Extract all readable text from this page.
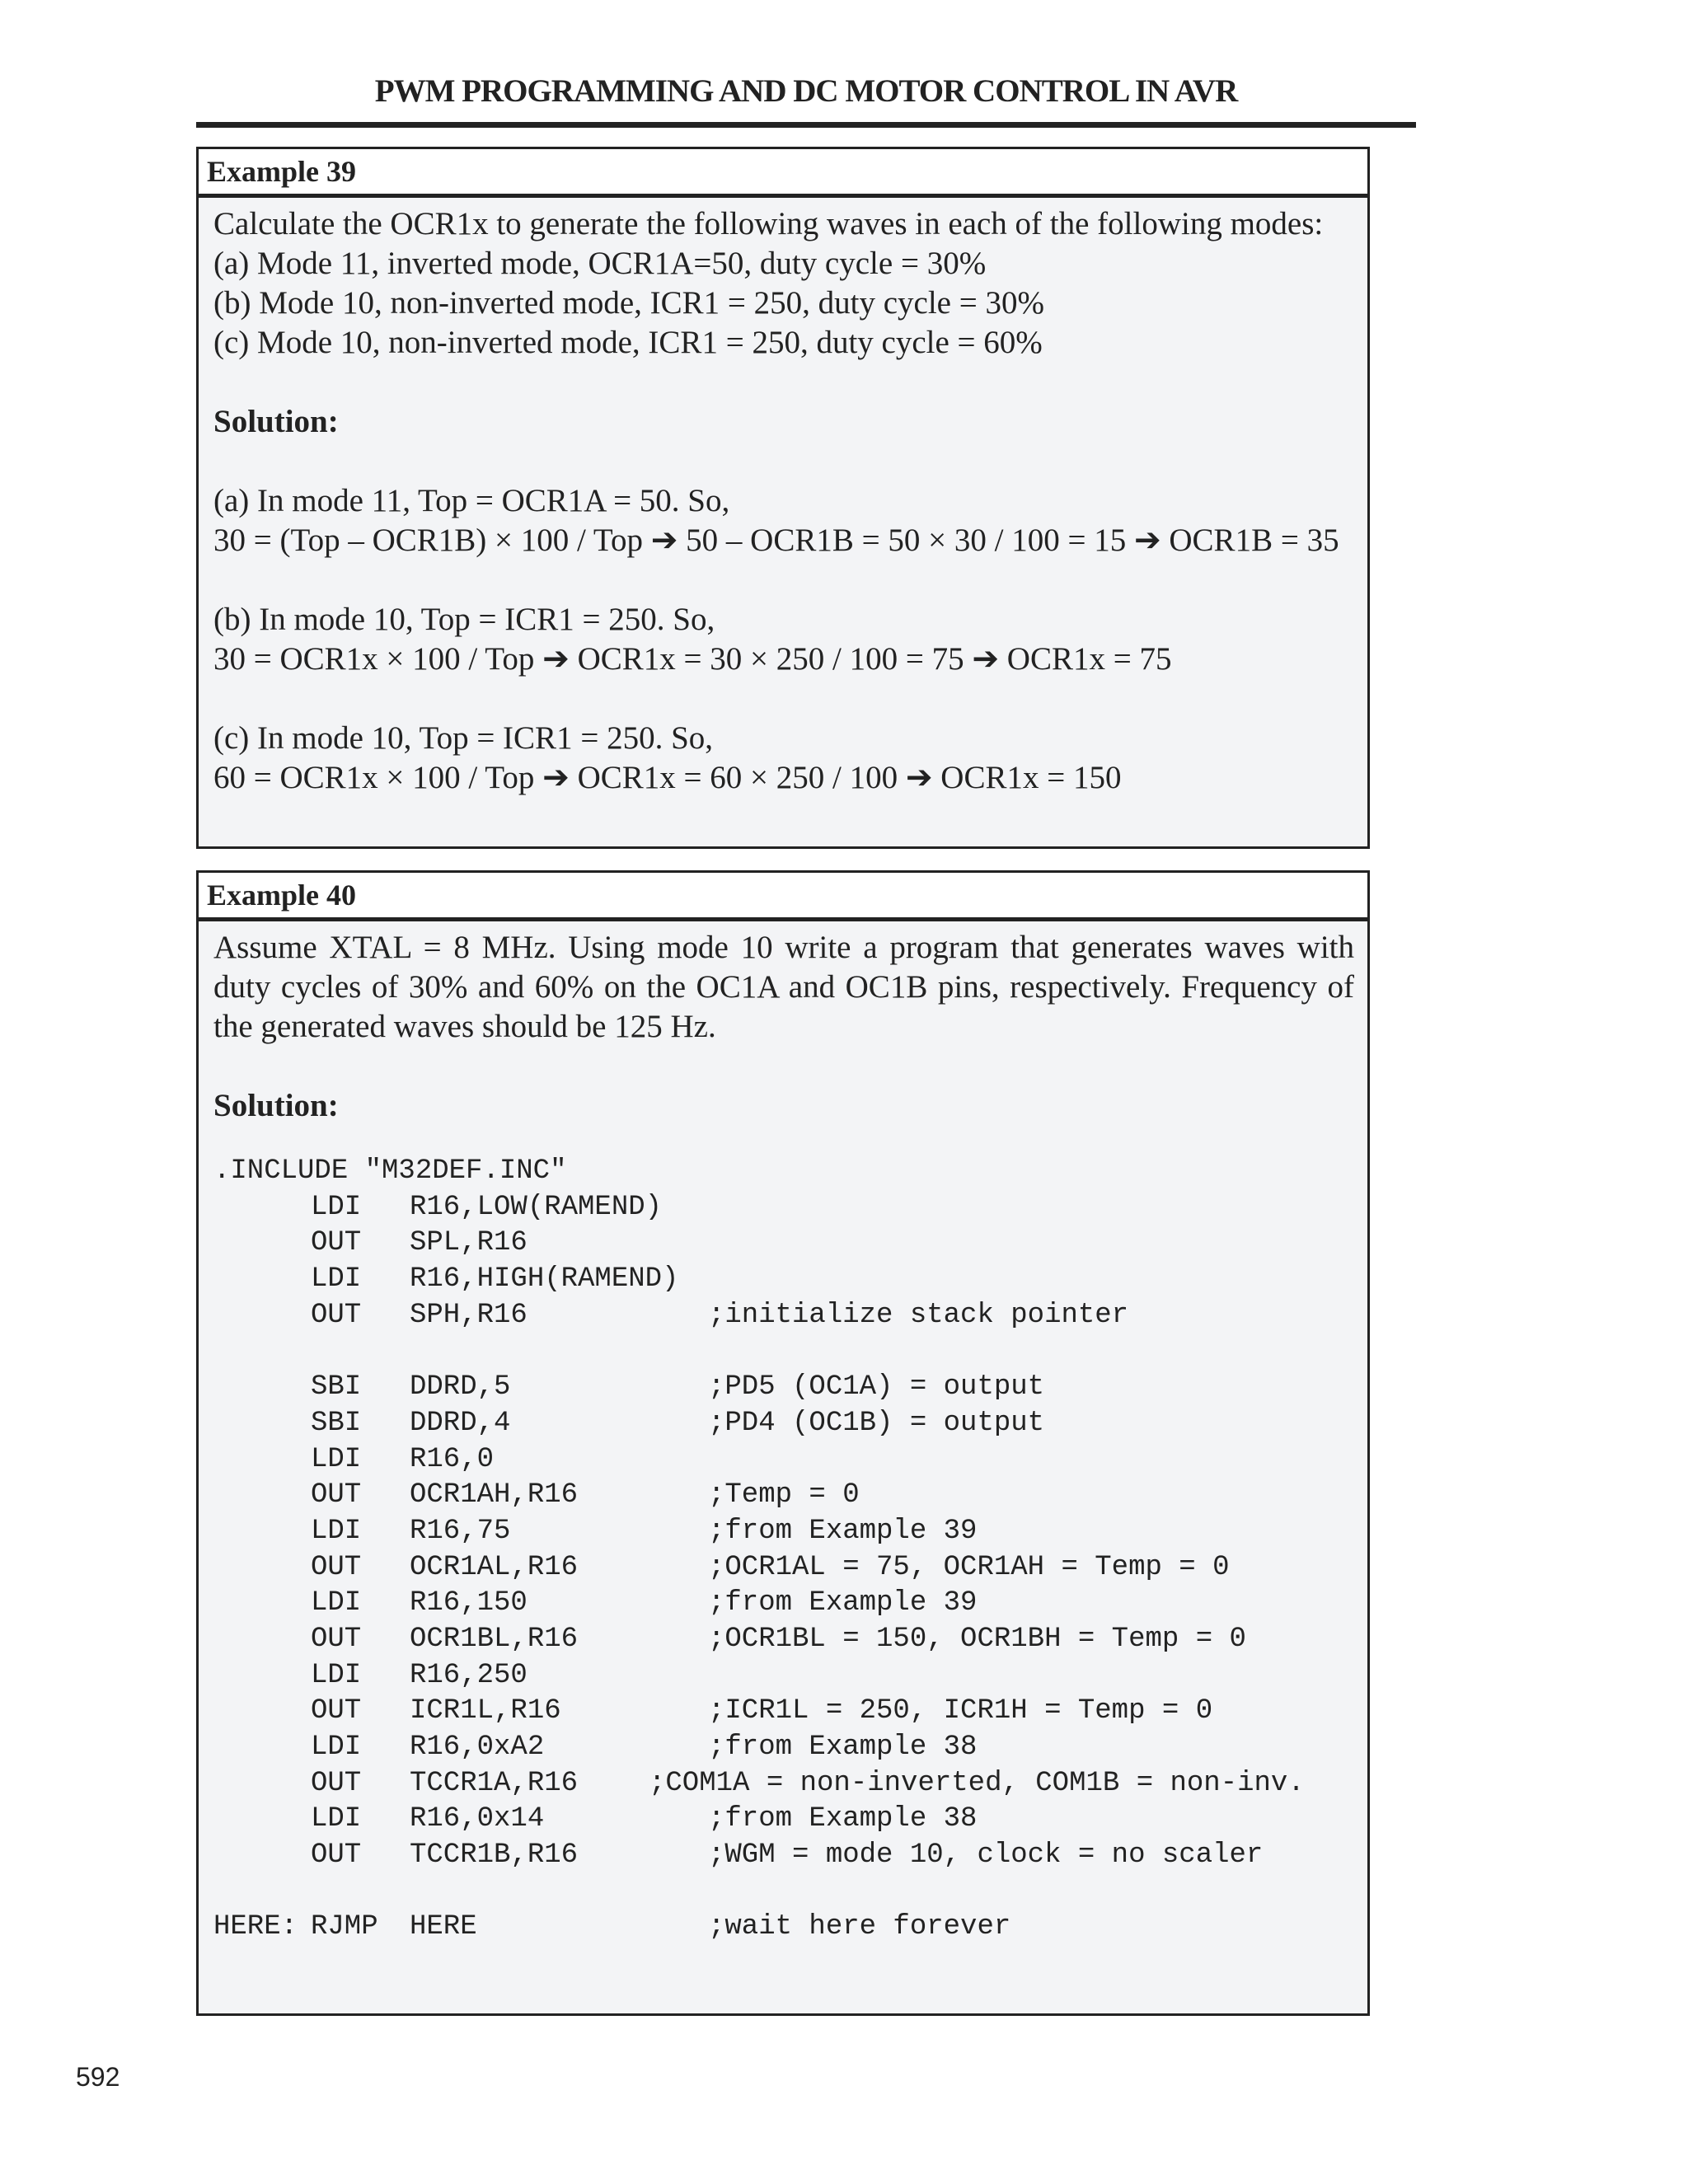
PWM PROGRAMMING AND DC MOTOR CONTROL IN AVR
Example 39
Calculate the OCR1x to generate the following waves in each of the following modes:
(a) Mode 11, inverted mode, OCR1A=50, duty cycle = 30%
(b) Mode 10, non-inverted mode, ICR1 = 250, duty cycle = 30%
(c) Mode 10, non-inverted mode, ICR1 = 250, duty cycle = 60%
Solution:
(a) In mode 11, Top = OCR1A = 50. So,
30 = (Top – OCR1B) × 100 / Top ➔ 50 – OCR1B = 50 × 30 / 100 = 15 ➔ OCR1B = 35
(b) In mode 10, Top = ICR1 = 250. So,
30 = OCR1x × 100 / Top ➔ OCR1x = 30 × 250 / 100 = 75 ➔ OCR1x = 75
(c) In mode 10, Top = ICR1 = 250. So,
60 = OCR1x × 100 / Top ➔ OCR1x = 60 × 250 / 100 ➔ OCR1x = 150
Example 40
Assume XTAL = 8 MHz. Using mode 10 write a program that generates waves with duty cycles of 30% and 60% on the OC1A and OC1B pins, respectively. Frequency of the generated waves should be 125 Hz.
Solution:
.INCLUDE "M32DEF.INC"
LDI	R16,LOW(RAMEND)
OUT	SPL,R16
LDI	R16,HIGH(RAMEND)
OUT	SPH,R16	;initialize stack pointer
SBI	DDRD,5	;PD5 (OC1A) = output
SBI	DDRD,4	;PD4 (OC1B) = output
LDI	R16,0
OUT	OCR1AH,R16	;Temp = 0
LDI	R16,75	;from Example 39
OUT	OCR1AL,R16	;OCR1AL = 75, OCR1AH = Temp = 0
LDI	R16,150	;from Example 39
OUT	OCR1BL,R16	;OCR1BL = 150, OCR1BH = Temp = 0
LDI	R16,250
OUT	ICR1L,R16	;ICR1L = 250, ICR1H = Temp = 0
LDI	R16,0xA2	;from Example 38
OUT	TCCR1A,R16	;COM1A = non-inverted, COM1B = non-inv.
LDI	R16,0x14	;from Example 38
OUT	TCCR1B,R16	;WGM = mode 10, clock = no scaler
HERE: RJMP	HERE	;wait here forever
592
